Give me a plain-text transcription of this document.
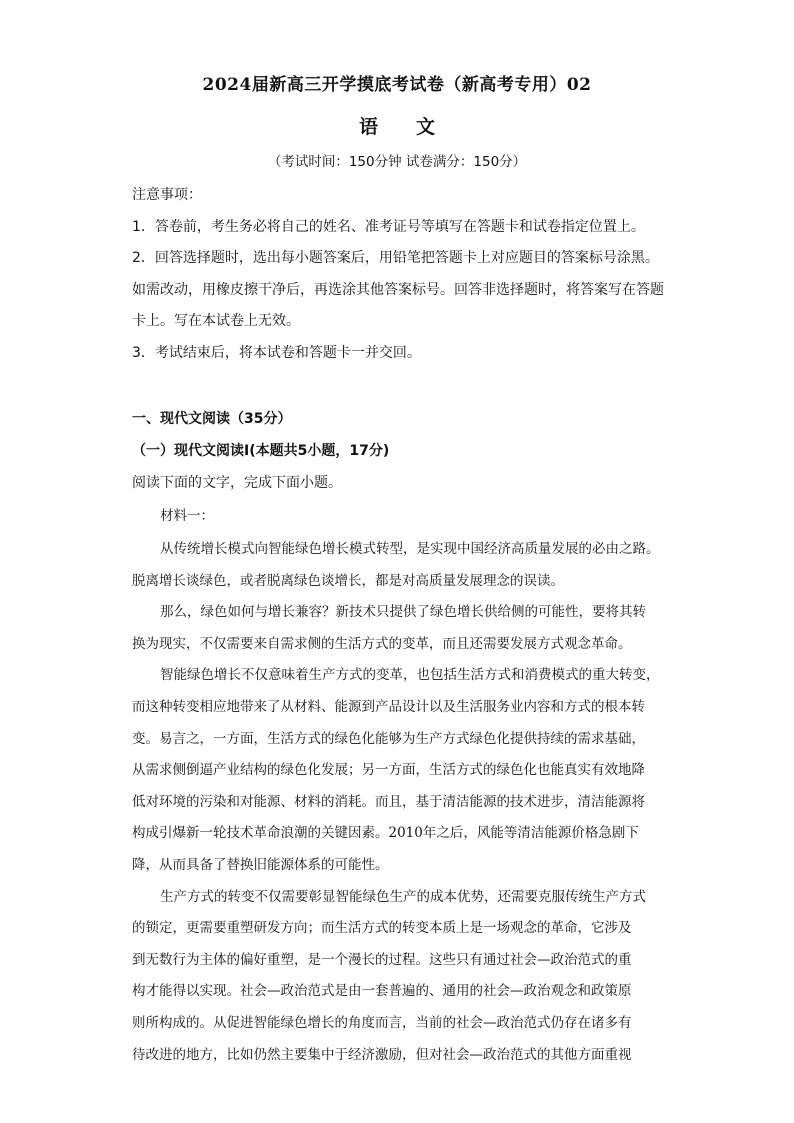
2024届新高三开学摸底考试卷（新高考专用）02
语 文
（考试时间：150分钟 试卷满分：150分）
注意事项：
1．答卷前，考生务必将自己的姓名、准考证号等填写在答题卡和试卷指定位置上。
2．回答选择题时，选出每小题答案后，用铅笔把答题卡上对应题目的答案标号涂黑。
如需改动，用橡皮擦干净后，再选涂其他答案标号。回答非选择题时，将答案写在答题
卡上。写在本试卷上无效。
3．考试结束后，将本试卷和答题卡一并交回。
一、现代文阅读（35分）
（一）现代文阅读Ⅰ(本题共5小题，17分)
阅读下面的文字，完成下面小题。
材料一：
从传统增长模式向智能绿色增长模式转型，是实现中国经济高质量发展的必由之路。
脱离增长谈绿色，或者脱离绿色谈增长，都是对高质量发展理念的误读。
那么，绿色如何与增长兼容？新技术只提供了绿色增长供给侧的可能性，要将其转
换为现实，不仅需要来自需求侧的生活方式的变革，而且还需要发展方式观念革命。
智能绿色增长不仅意味着生产方式的变革，也包括生活方式和消费模式的重大转变，
而这种转变相应地带来了从材料、能源到产品设计以及生活服务业内容和方式的根本转
变。易言之，一方面，生活方式的绿色化能够为生产方式绿色化提供持续的需求基础，
从需求侧倒逼产业结构的绿色化发展；另一方面，生活方式的绿色化也能真实有效地降
低对环境的污染和对能源、材料的消耗。而且，基于清洁能源的技术进步，清洁能源将
构成引爆新一轮技术革命浪潮的关键因素。2010年之后，风能等清洁能源价格急剧下
降，从而具备了替换旧能源体系的可能性。
生产方式的转变不仅需要彰显智能绿色生产的成本优势，还需要克服传统生产方式
的锁定，更需要重塑研发方向；而生活方式的转变本质上是一场观念的革命，它涉及
到无数行为主体的偏好重塑，是一个漫长的过程。这些只有通过社会—政治范式的重
构才能得以实现。社会—政治范式是由一套普遍的、通用的社会—政治观念和政策原
则所构成的。从促进智能绿色增长的角度而言，当前的社会—政治范式仍存在诸多有
待改进的地方，比如仍然主要集中于经济激励，但对社会—政治范式的其他方面重视
